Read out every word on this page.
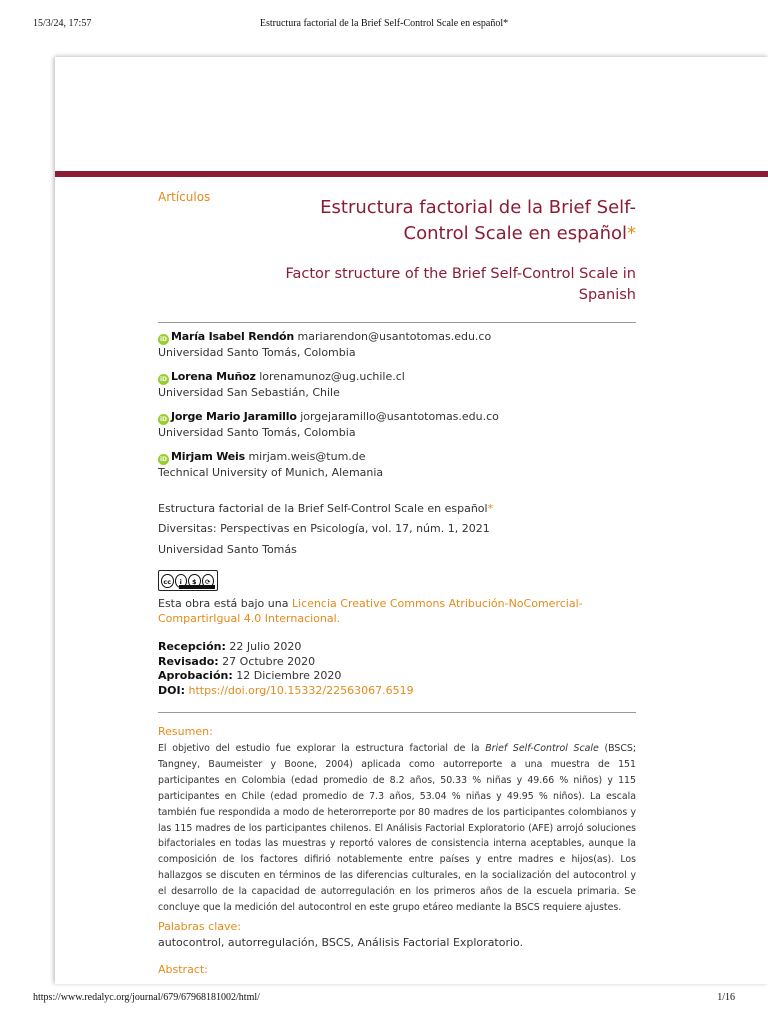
15/3/24, 17:57	Estructura factorial de la Brief Self-Control Scale en español*
Artículos	Estructura factorial de la Brief Self-Control Scale en español*
Factor structure of the Brief Self-Control Scale in Spanish
iD María Isabel Rendón mariarendon@usantotomas.edu.co
Universidad Santo Tomás, Colombia
iD Lorena Muñoz lorenamunoz@ug.uchile.cl
Universidad San Sebastián, Chile
iD Jorge Mario Jaramillo jorgejaramillo@usantotomas.edu.co
Universidad Santo Tomás, Colombia
iD Mirjam Weis mirjam.weis@tum.de
Technical University of Munich, Alemania
Estructura factorial de la Brief Self-Control Scale en español*
Diversitas: Perspectivas en Psicología, vol. 17, núm. 1, 2021
Universidad Santo Tomás
cc	i	$	⟳
Esta obra está bajo una Licencia Creative Commons Atribución-NoComercial-CompartirIgual 4.0 Internacional.
Recepción: 22 Julio 2020
Revisado: 27 Octubre 2020
Aprobación: 12 Diciembre 2020
DOI: https://doi.org/10.15332/22563067.6519
Resumen:
El objetivo del estudio fue explorar la estructura factorial de la Brief Self-Control Scale (BSCS; Tangney, Baumeister y Boone, 2004) aplicada como autorreporte a una muestra de 151 participantes en Colombia (edad promedio de 8.2 años, 50.33 % niñas y 49.66 % niños) y 115 participantes en Chile (edad promedio de 7.3 años, 53.04 % niñas y 49.95 % niños). La escala también fue respondida a modo de heterorreporte por 80 madres de los participantes colombianos y las 115 madres de los participantes chilenos. El Análisis Factorial Exploratorio (AFE) arrojó soluciones bifactoriales en todas las muestras y reportó valores de consistencia interna aceptables, aunque la composición de los factores difirió notablemente entre países y entre madres e hijos(as). Los hallazgos se discuten en términos de las diferencias culturales, en la socialización del autocontrol y el desarrollo de la capacidad de autorregulación en los primeros años de la escuela primaria. Se concluye que la medición del autocontrol en este grupo etáreo mediante la BSCS requiere ajustes.
Palabras clave:
autocontrol, autorregulación, BSCS, Análisis Factorial Exploratorio.
Abstract:
https://www.redalyc.org/journal/679/67968181002/html/	1/16
